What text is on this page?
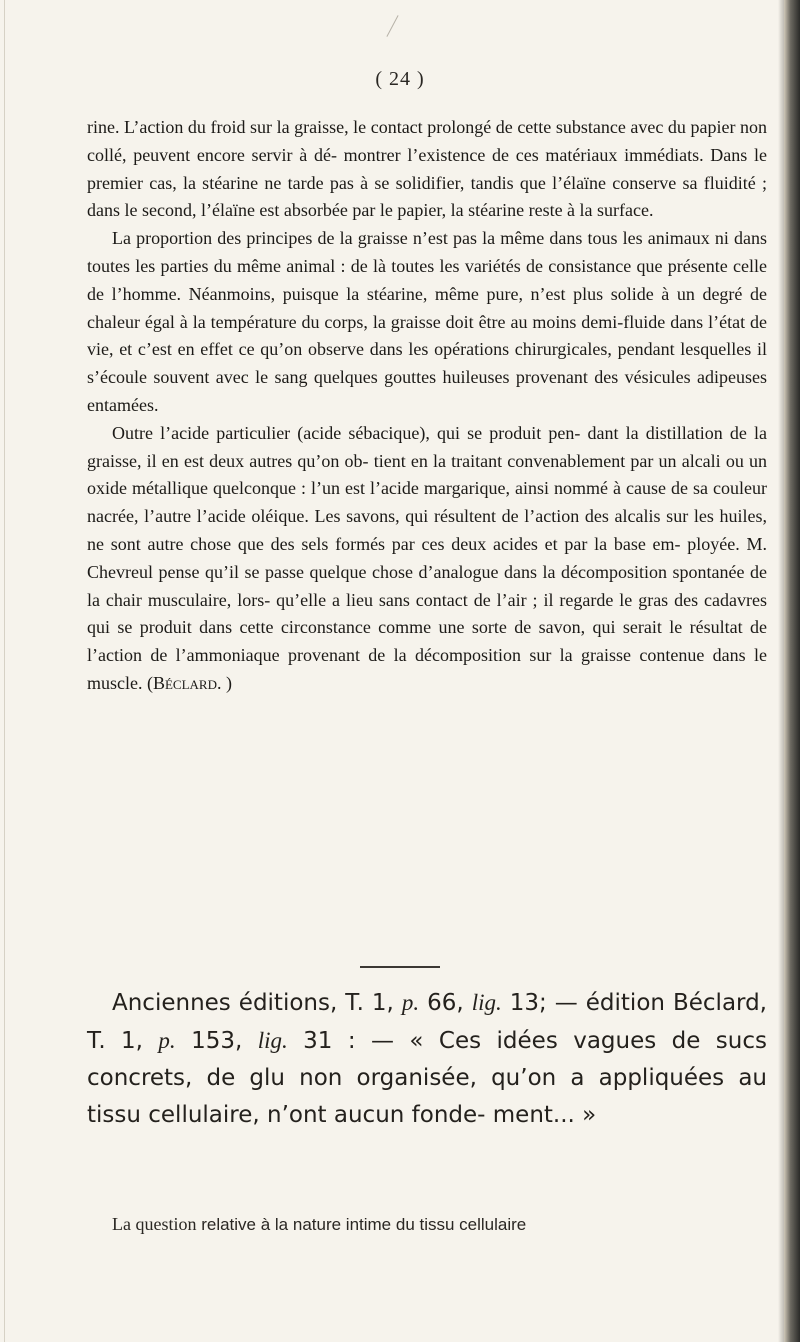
( 24 )

rine. L’action du froid sur la graisse, le contact prolongé de cette substance avec du papier non collé, peuvent encore servir à dé- montrer l’existence de ces matériaux immédiats. Dans le premier cas, la stéarine ne tarde pas à se solidifier, tandis que l’élaïne conserve sa fluidité ; dans le second, l’élaïne est absorbée par le papier, la stéarine reste à la surface.

La proportion des principes de la graisse n’est pas la même dans tous les animaux ni dans toutes les parties du même animal : de là toutes les variétés de consistance que présente celle de l’homme. Néanmoins, puisque la stéarine, même pure, n’est plus solide à un degré de chaleur égal à la température du corps, la graisse doit être au moins demi-fluide dans l’état de vie, et c’est en effet ce qu’on observe dans les opérations chirurgicales, pendant lesquelles il s’écoule souvent avec le sang quelques gouttes huileuses provenant des vésicules adipeuses entamées.

Outre l’acide particulier (acide sébacique), qui se produit pen- dant la distillation de la graisse, il en est deux autres qu’on ob- tient en la traitant convenablement par un alcali ou un oxide métallique quelconque : l’un est l’acide margarique, ainsi nommé à cause de sa couleur nacrée, l’autre l’acide oléique. Les savons, qui résultent de l’action des alcalis sur les huiles, ne sont autre chose que des sels formés par ces deux acides et par la base em- ployée. M. Chevreul pense qu’il se passe quelque chose d’analogue dans la décomposition spontanée de la chair musculaire, lors- qu’elle a lieu sans contact de l’air ; il regarde le gras des cadavres qui se produit dans cette circonstance comme une sorte de savon, qui serait le résultat de l’action de l’ammoniaque provenant de la décomposition sur la graisse contenue dans le muscle. (Béclard. )

Anciennes éditions, T. 1, p. 66, lig. 13; — édition Béclard, T. 1, p. 153, lig. 31 : — « Ces idées vagues de sucs concrets, de glu non organisée, qu’on a appliquées au tissu cellulaire, n’ont aucun fonde- ment... »

La question relative à la nature intime du tissu cellulaire
